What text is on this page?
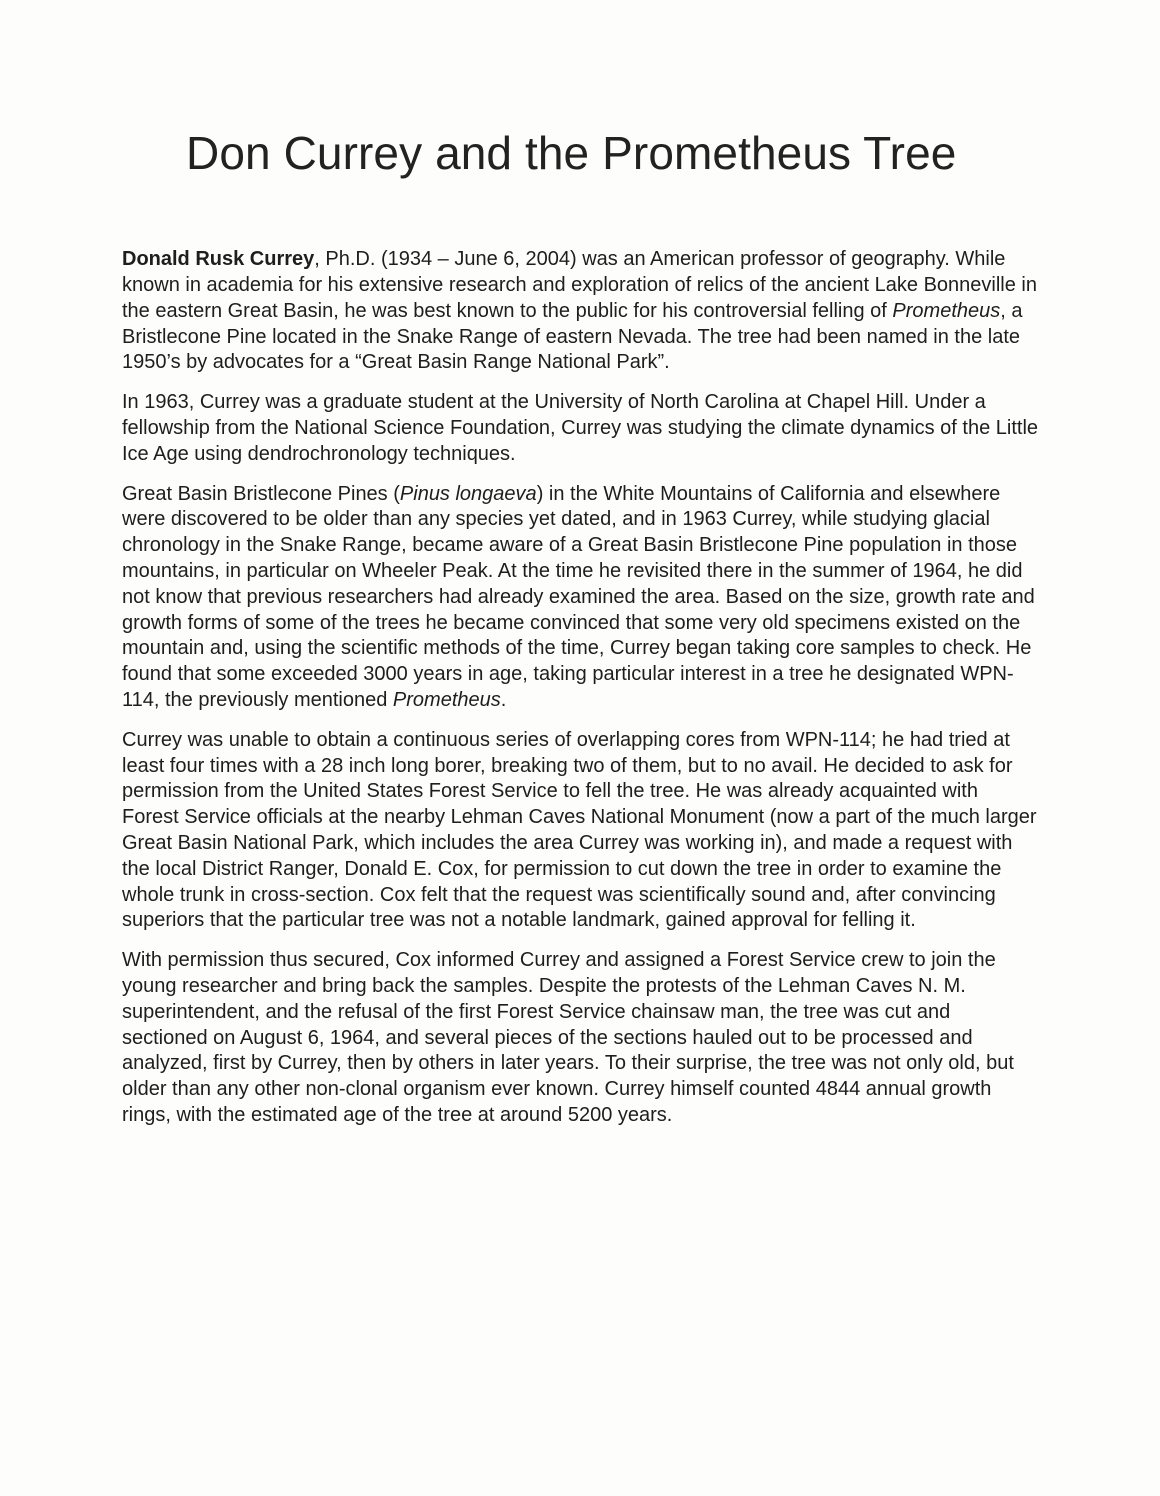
Don Currey and the Prometheus Tree

Donald Rusk Currey, Ph.D. (1934 – June 6, 2004) was an American professor of geography. While known in academia for his extensive research and exploration of relics of the ancient Lake Bonneville in the eastern Great Basin, he was best known to the public for his controversial felling of Prometheus, a Bristlecone Pine located in the Snake Range of eastern Nevada. The tree had been named in the late 1950’s by advocates for a “Great Basin Range National Park”.

In 1963, Currey was a graduate student at the University of North Carolina at Chapel Hill. Under a fellowship from the National Science Foundation, Currey was studying the climate dynamics of the Little Ice Age using dendrochronology techniques.

Great Basin Bristlecone Pines (Pinus longaeva) in the White Mountains of California and elsewhere were discovered to be older than any species yet dated, and in 1963 Currey, while studying glacial chronology in the Snake Range, became aware of a Great Basin Bristlecone Pine population in those mountains, in particular on Wheeler Peak. At the time he revisited there in the summer of 1964, he did not know that previous researchers had already examined the area. Based on the size, growth rate and growth forms of some of the trees he became convinced that some very old specimens existed on the mountain and, using the scientific methods of the time, Currey began taking core samples to check. He found that some exceeded 3000 years in age, taking particular interest in a tree he designated WPN-114, the previously mentioned Prometheus.

Currey was unable to obtain a continuous series of overlapping cores from WPN-114; he had tried at least four times with a 28 inch long borer, breaking two of them, but to no avail. He decided to ask for permission from the United States Forest Service to fell the tree. He was already acquainted with Forest Service officials at the nearby Lehman Caves National Monument (now a part of the much larger Great Basin National Park, which includes the area Currey was working in), and made a request with the local District Ranger, Donald E. Cox, for permission to cut down the tree in order to examine the whole trunk in cross-section. Cox felt that the request was scientifically sound and, after convincing superiors that the particular tree was not a notable landmark, gained approval for felling it.

With permission thus secured, Cox informed Currey and assigned a Forest Service crew to join the young researcher and bring back the samples. Despite the protests of the Lehman Caves N. M. superintendent, and the refusal of the first Forest Service chainsaw man, the tree was cut and sectioned on August 6, 1964, and several pieces of the sections hauled out to be processed and analyzed, first by Currey, then by others in later years. To their surprise, the tree was not only old, but older than any other non-clonal organism ever known. Currey himself counted 4844 annual growth rings, with the estimated age of the tree at around 5200 years.
